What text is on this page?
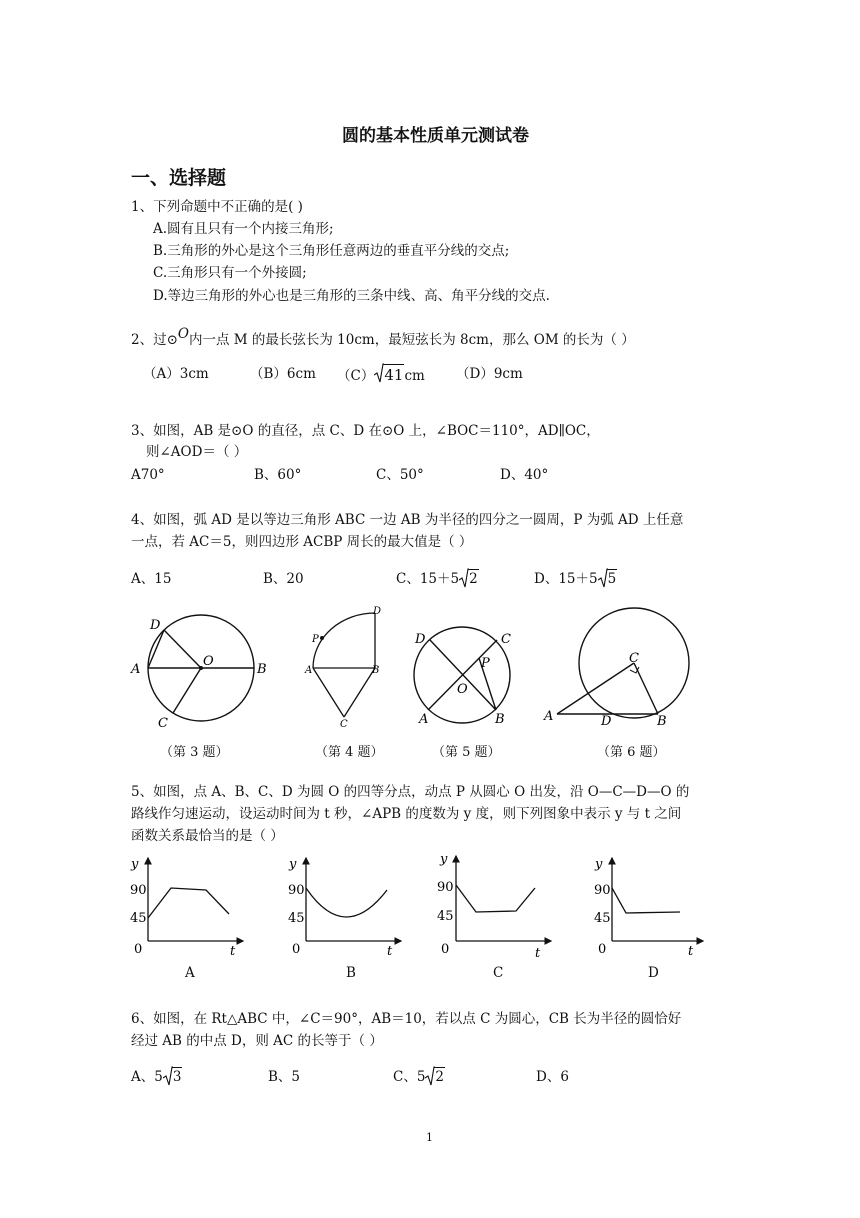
圆的基本性质单元测试卷
一、选择题
1、下列命题中不正确的是( )
A.圆有且只有一个内接三角形;
B.三角形的外心是这个三角形任意两边的垂直平分线的交点;
C.三角形只有一个外接圆;
D.等边三角形的外心也是三角形的三条中线、高、角平分线的交点.
2、过⊙O内一点 M 的最长弦长为 10cm，最短弦长为 8cm，那么 OM 的长为（ ）
（A）3cm	（B）6cm （C） 41cm （D）9cm
3、如图，AB 是⊙O 的直径，点 C、D 在⊙O 上，∠BOC＝110°，AD∥OC，
则∠AOD＝（ ）
A70°	B、60°	C、50°	D、40°
4、如图，弧 AD 是以等边三角形 ABC 一边 AB 为半径的四分之一圆周，P 为弧 AD 上任意
一点，若 AC＝5，则四边形 ACBP 周长的最大值是（ ）
A、15	B、20	C、15＋5 2	D、15＋5 5
D
A
O
B
C
D
P
A	B
C
D	C
P
O
A	B
C
A	D	B
（第 3 题）	（第 4 题）	（第 5 题）	（第 6 题）
5、如图，点 A、B、C、D 为圆 O 的四等分点，动点 P 从圆心 O 出发，沿 O—C—D—O 的
路线作匀速运动，设运动时间为 t 秒，∠APB 的度数为 y 度，则下列图象中表示 y 与 t 之间
函数关系最恰当的是（ ）
y
90
45
0	t
y
90
45
0	t
y
90
45
0	t
y
90
45
0	t
A	B	C	D
6、如图，在 Rt△ABC 中，∠C＝90°，AB＝10，若以点 C 为圆心，CB 长为半径的圆恰好
经过 AB 的中点 D，则 AC 的长等于（ ）
A、5 3	B、5	C、5 2	D、6
1
